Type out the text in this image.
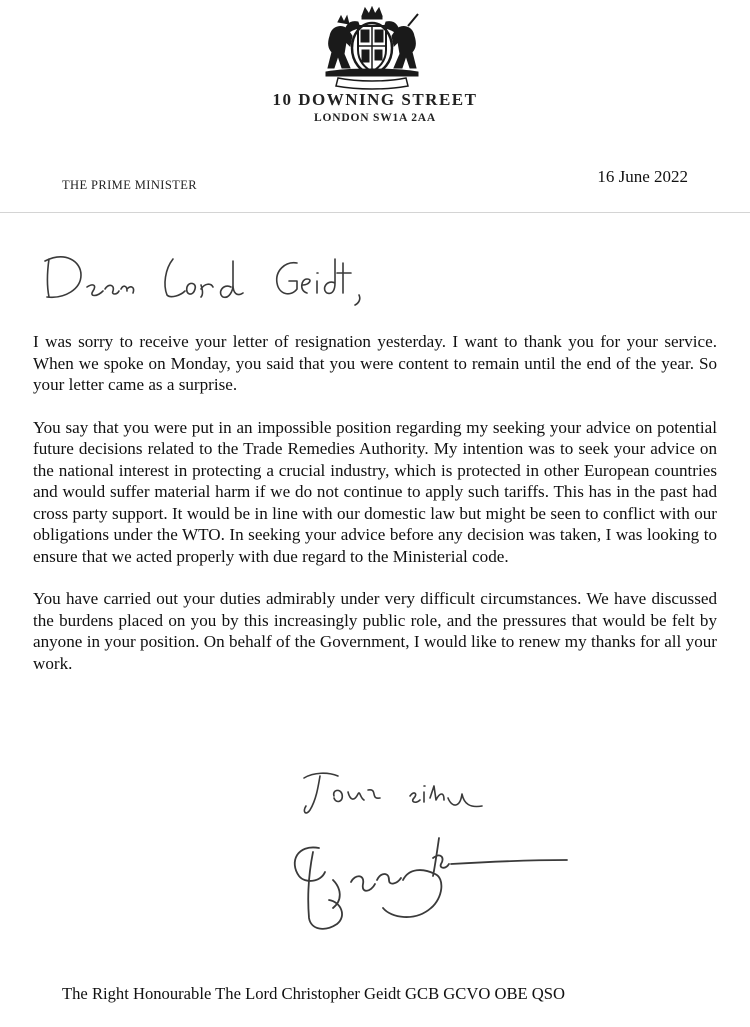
10 DOWNING STREET
LONDON SW1A 2AA
THE PRIME MINISTER	16 June 2022

I was sorry to receive your letter of resignation yesterday. I want to thank you for your service. When we spoke on Monday, you said that you were content to remain until the end of the year. So your letter came as a surprise.

You say that you were put in an impossible position regarding my seeking your advice on potential future decisions related to the Trade Remedies Authority. My intention was to seek your advice on the national interest in protecting a crucial industry, which is protected in other European countries and would suffer material harm if we do not continue to apply such tariffs. This has in the past had cross party support. It would be in line with our domestic law but might be seen to conflict with our obligations under the WTO. In seeking your advice before any decision was taken, I was looking to ensure that we acted properly with due regard to the Ministerial code.

You have carried out your duties admirably under very difficult circumstances. We have discussed the burdens placed on you by this increasingly public role, and the pressures that would be felt by anyone in your position. On behalf of the Government, I would like to renew my thanks for all your work.

The Right Honourable The Lord Christopher Geidt GCB GCVO OBE QSO
